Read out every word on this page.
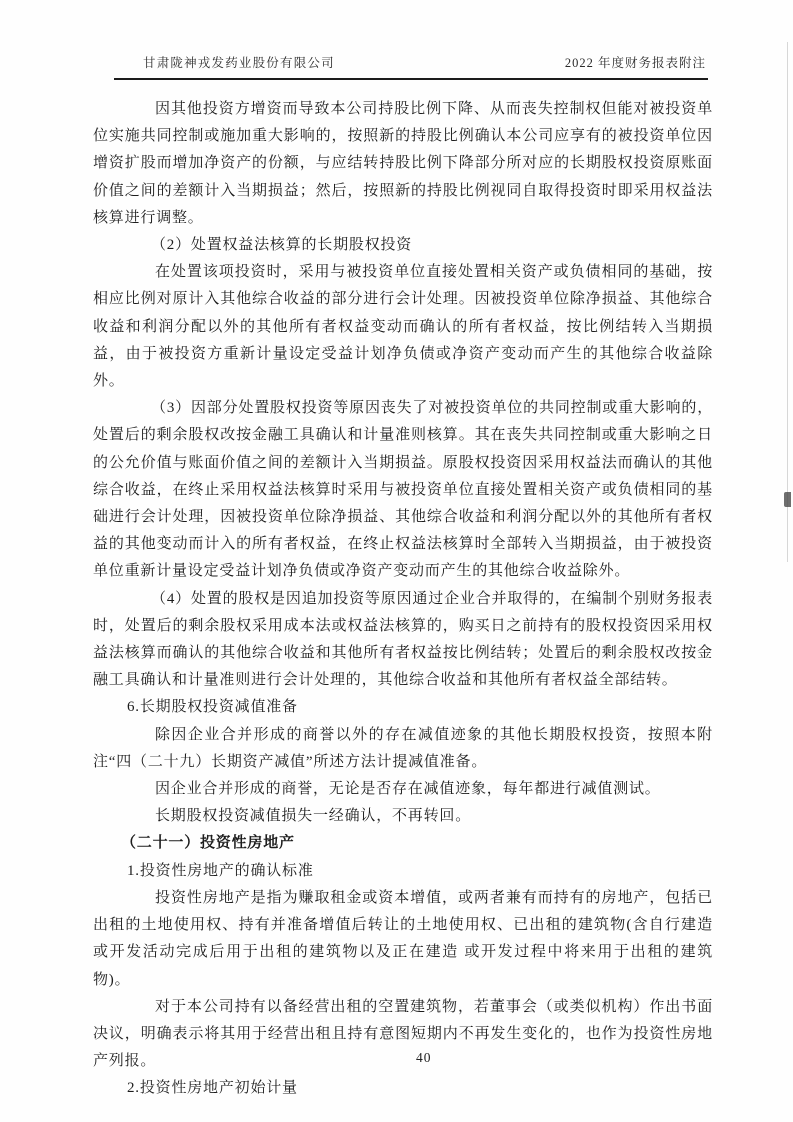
甘肃陇神戎发药业股份有限公司	2022 年度财务报表附注

因其他投资方增资而导致本公司持股比例下降、从而丧失控制权但能对被投资单位实施共同控制或施加重大影响的，按照新的持股比例确认本公司应享有的被投资单位因增资扩股而增加净资产的份额，与应结转持股比例下降部分所对应的长期股权投资原账面价值之间的差额计入当期损益；然后，按照新的持股比例视同自取得投资时即采用权益法核算进行调整。

（2）处置权益法核算的长期股权投资

在处置该项投资时，采用与被投资单位直接处置相关资产或负债相同的基础，按相应比例对原计入其他综合收益的部分进行会计处理。因被投资单位除净损益、其他综合收益和利润分配以外的其他所有者权益变动而确认的所有者权益，按比例结转入当期损益，由于被投资方重新计量设定受益计划净负债或净资产变动而产生的其他综合收益除外。

（3）因部分处置股权投资等原因丧失了对被投资单位的共同控制或重大影响的，处置后的剩余股权改按金融工具确认和计量准则核算。其在丧失共同控制或重大影响之日的公允价值与账面价值之间的差额计入当期损益。原股权投资因采用权益法而确认的其他综合收益，在终止采用权益法核算时采用与被投资单位直接处置相关资产或负债相同的基础进行会计处理，因被投资单位除净损益、其他综合收益和利润分配以外的其他所有者权益的其他变动而计入的所有者权益，在终止权益法核算时全部转入当期损益，由于被投资单位重新计量设定受益计划净负债或净资产变动而产生的其他综合收益除外。

（4）处置的股权是因追加投资等原因通过企业合并取得的，在编制个别财务报表时，处置后的剩余股权采用成本法或权益法核算的，购买日之前持有的股权投资因采用权益法核算而确认的其他综合收益和其他所有者权益按比例结转；处置后的剩余股权改按金融工具确认和计量准则进行会计处理的，其他综合收益和其他所有者权益全部结转。

6.长期股权投资减值准备

除因企业合并形成的商誉以外的存在减值迹象的其他长期股权投资，按照本附注“四（二十九）长期资产减值”所述方法计提减值准备。

因企业合并形成的商誉，无论是否存在减值迹象，每年都进行减值测试。

长期股权投资减值损失一经确认，不再转回。

（二十一）投资性房地产

1.投资性房地产的确认标准

投资性房地产是指为赚取租金或资本增值，或两者兼有而持有的房地产，包括已出租的土地使用权、持有并准备增值后转让的土地使用权、已出租的建筑物(含自行建造或开发活动完成后用于出租的建筑物以及正在建造 或开发过程中将来用于出租的建筑物)。

对于本公司持有以备经营出租的空置建筑物，若董事会（或类似机构）作出书面决议，明确表示将其用于经营出租且持有意图短期内不再发生变化的，也作为投资性房地产列报。

2.投资性房地产初始计量

40
